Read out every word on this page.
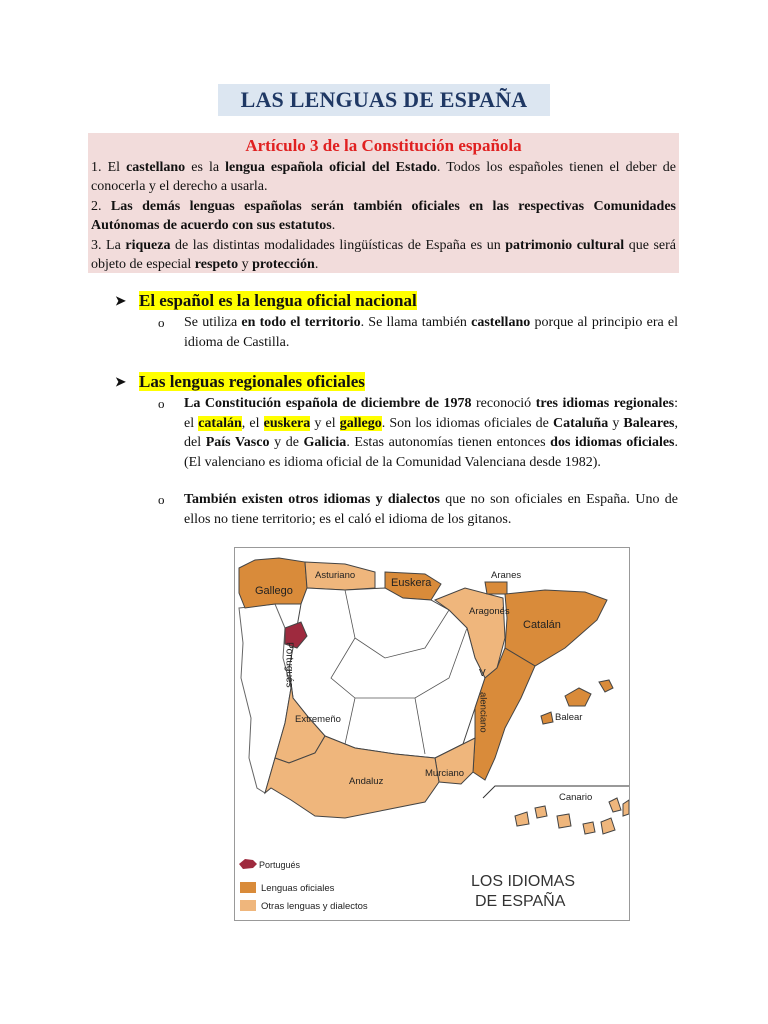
LAS LENGUAS DE ESPAÑA
Artículo 3 de la Constitución española

1. El castellano es la lengua española oficial del Estado. Todos los españoles tienen el deber de conocerla y el derecho a usarla.

2. Las demás lenguas españolas serán también oficiales en las respectivas Comunidades Autónomas de acuerdo con sus estatutos.

3. La riqueza de las distintas modalidades lingüísticas de España es un patrimonio cultural que será objeto de especial respeto y protección.

➤ El español es la lengua oficial nacional
o Se utiliza en todo el territorio. Se llama también castellano porque al principio era el idioma de Castilla.
➤ Las lenguas regionales oficiales
o La Constitución española de diciembre de 1978 reconoció tres idiomas regionales: el catalán, el euskera y el gallego. Son los idiomas oficiales de Cataluña y Baleares, del País Vasco y de Galicia. Estas autonomías tienen entonces dos idiomas oficiales. (El valenciano es idioma oficial de la Comunidad Valenciana desde 1982).
o También existen otros idiomas y dialectos que no son oficiales en España. Uno de ellos no tiene territorio; es el caló el idioma de los gitanos.
Gallego
Asturiano
Euskera
Aranes
Aragonés
Catalán
Portugués	V
alenciano
Extremeño	Balear
Andaluz
Murciano
Canario
Portugués
Lenguas oficiales
Otras lenguas y dialectos
LOS IDIOMAS
DE ESPAÑA
